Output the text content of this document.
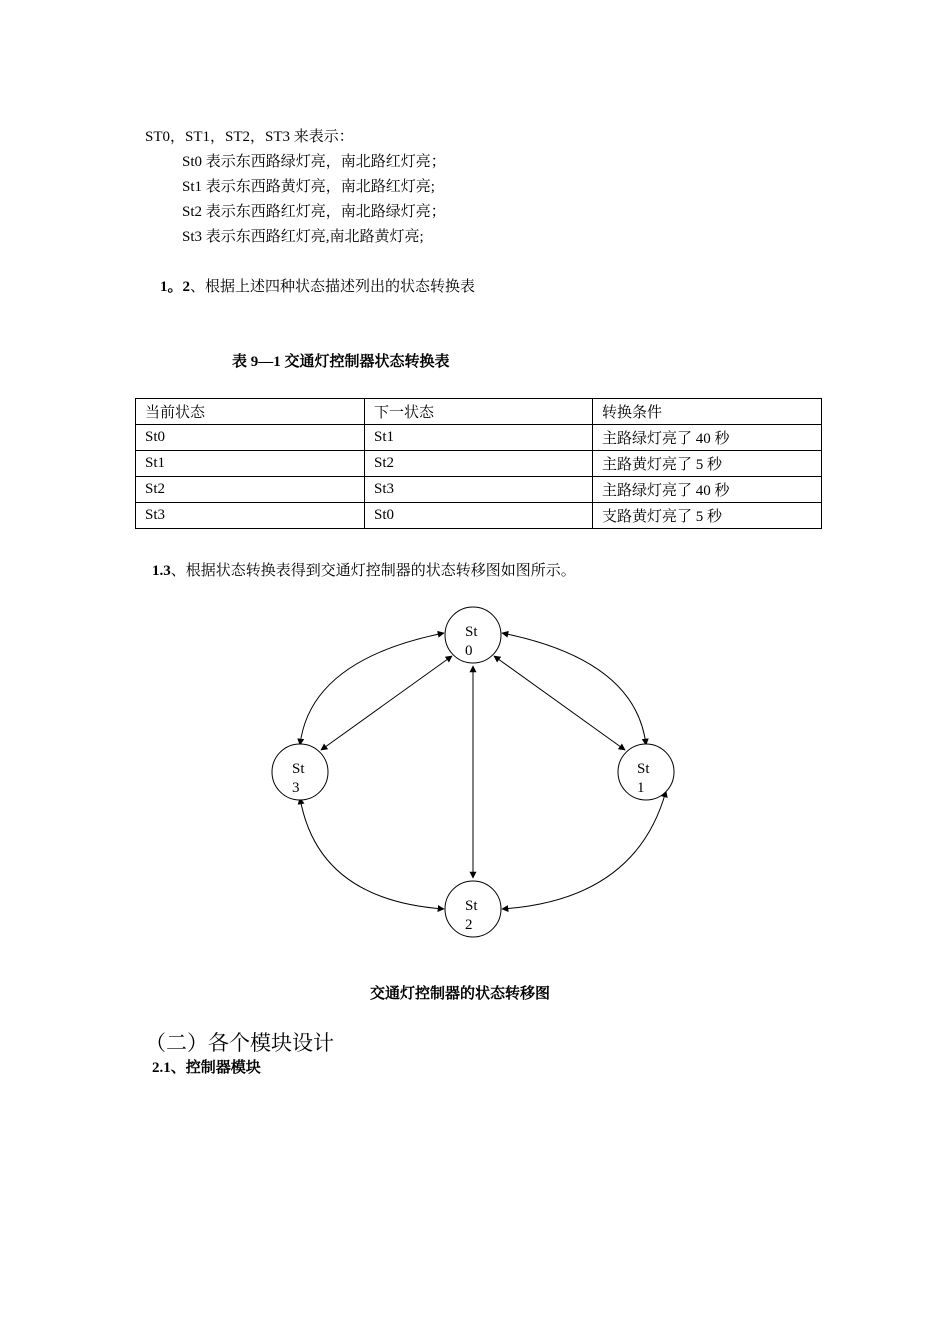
ST0，ST1，ST2，ST3 来表示：
St0 表示东西路绿灯亮，南北路红灯亮；
St1 表示东西路黄灯亮，南北路红灯亮;
St2 表示东西路红灯亮，南北路绿灯亮；
St3 表示东西路红灯亮,南北路黄灯亮;
1。2、根据上述四种状态描述列出的状态转换表
表 9—1 交通灯控制器状态转换表
当前状态	下一状态	转换条件
St0	St1	主路绿灯亮了 40 秒
St1	St2	主路黄灯亮了 5 秒
St2	St3	主路绿灯亮了 40 秒
St3	St0	支路黄灯亮了 5 秒
1.3、根据状态转换表得到交通灯控制器的状态转移图如图所示。
St
0
St
1
St
2
St
3
交通灯控制器的状态转移图
（二）各个模块设计
2.1、控制器模块
